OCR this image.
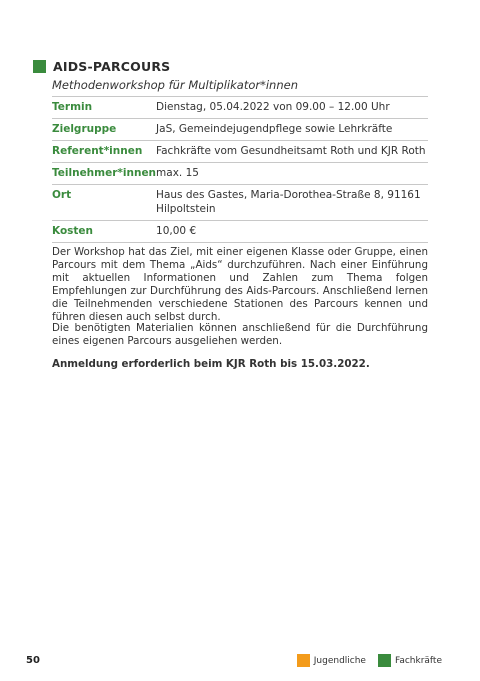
AIDS-PARCOURS
Methodenworkshop für Multiplikator*innen
Termin	Dienstag, 05.04.2022 von 09.00 – 12.00 Uhr
Zielgruppe	JaS, Gemeindejugendpflege sowie Lehrkräfte
Referent*innen	Fachkräfte vom Gesundheitsamt Roth und KJR Roth
Teilnehmer*innen	max. 15
Ort	Haus des Gastes, Maria-Dorothea-Straße 8, 91161 Hilpoltstein
Kosten	10,00 €
Der Workshop hat das Ziel, mit einer eigenen Klasse oder Gruppe, einen Parcours mit dem Thema „Aids“ durchzuführen. Nach einer Einführung mit aktuellen Informationen und Zahlen zum Thema folgen Empfehlungen zur Durchführung des Aids-Parcours. Anschließend lernen die Teilnehmenden verschiedene Stationen des Parcours kennen und führen diesen auch selbst durch.
Die benötigten Materialien können anschließend für die Durchführung eines eigenen Parcours ausgeliehen werden.
Anmeldung erforderlich beim KJR Roth bis 15.03.2022.
50	Jugendliche	Fachkräfte
